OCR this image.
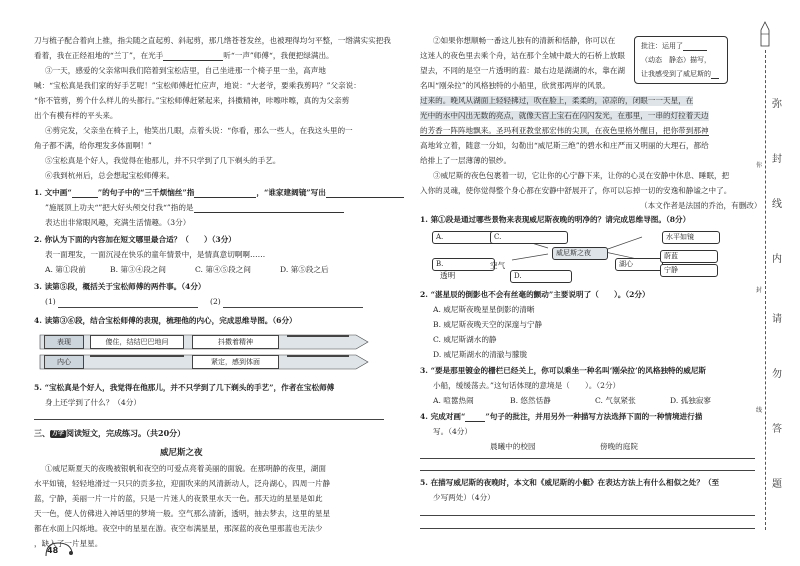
刀与梳子配合着向上推，指尖随之直起剪、斜起剪，那几绺苍苍发丝，也被理得均匀平整，一绺满实实把我
看着，我在正经祖地的“兰丁”，在光手	听“一声”师傅“，我便把绿满出。
③一天，感爱的父亲常叫我们陪着到宝松店里，自己坐进那一个椅子里一坐，高声地
喊：“宝松真是我们家的好手艺呢！”宝松师傅赶忙应声，地说：“大老爷，要乘我剪吗？”父亲说：
“你不管剪，剪个什么样儿的头都行。”宝松师傅赶紧起来，抖擞精神，咔嚓咔嚓，真的为父亲剪
出个有模有样的平头来。
④剪完发，父亲坐在椅子上，他笑出几眼，点着头说：“你看，那么一些人，在我这头里的一
角子都不满，给你理发多体面啊！”
⑤宝松真是个好人，我觉得在他那儿，并不只学到了几下剃头的手艺。
⑥我到杭州后，总会想起宝松师傅来。
1. 文中画“	”的句子中的“三千烦恼丝”指	，“谁家建阔镜”写出
”施展顶上功夫“”把大好头颅交付我“”指的是
表达出非常眼风趣，充满生活情趣。（3分）
2. 你认为下面的内容加在短文哪里最合适？（　　）（3分）
表一面理发，一面沉浸在快乐的童年情景中，是情真意切啊啊……
A. 第①段前	B. 第③④段之间	C. 第④⑤段之间	D. 第⑤段之后
3. 读第⑤段，概括关于宝松师傅的两件事。（4分）
(1)	(2)
4. 读第③⑥段，结合宝松师傅的表现，梳理他的内心，完成思维导图。（6分）
表现	傻住，结结巴巴地问	抖擞着精神
内心	紧定，感到体面
5. “宝松真是个好人，我觉得在他那儿，并不只学到了几下剃头的手艺”，作者在宝松师傅
身上还学到了什么？（4分）
三、 万学 阅读短文，完成练习。（共20分）
威尼斯之夜
①威尼斯夏天的夜晚被银帆和夜空的可爱点亮着美丽的面貌。在那明静的夜里，湖面
水平如镜，轻轻地滑过一只只的贡多拉，迎面吹来的风清新动人，泛舟湖心，四周一片静
蓝，宁静，美丽一片一片的蓝，只是一片迷人的夜景里水天一色。那天边的星星是如此
天一色，使人仿佛进入神话里的梦境一般。空气那么清新，透明，抽去梦去，这里的星星
都在水面上闪烁地。夜空中的星星在游。夜空布满星星，那深蓝的夜色里那蓝也无法少
，缺入了一片星星。
48
②如果你想顺畅一番这儿独有的清新和恬静，你可以在
这迷人的夜色里去乘个舟，站在那个全城中最大的石桥上放眼
望去，不同的是空一片透明的蓝：最右边是湖湖的水，靠在湖
名叫“刚朵拉”的风格独特的小船里，欣赏那两岸的风景。
过来的。晚风从湖面上轻轻拂过，吹在脸上，柔柔的，凉凉的，闭眼一一天星，在
光中的水中闪出无数的亮点，就像天宫上宝石在闪闪发光，在那里，一串的灯拉着天边
的芳香一阵阵地飘来。圣玛利亚教堂那宏伟的尖顶，在夜色里格外醒目，把你带到那神
高地耸立着，随意一分如，勾勒出“威尼斯三绝”的碧水和庄严而又明丽的大理石，都给
给排上了一层薄薄的银纱。
③威尼斯的夜色包裹着一切，它让你的心宁静下来，让你的心灵在安静中休息、睡眠，把
入你的灵魂，使你觉得整个身心都在安静中舒展开了，你可以忘掉一切的安逸和静谧之中了。
（本文作者是法国的乔治，有删改）
批注：运用了
（动态　静态）描写，
让我感受到了威尼斯的
1. 第①段是通过哪些景物来表现威尼斯夜晚的明净的？请完成思维导图。（8分）
A.	C.	水平如镜
威尼斯之夜
B.	空气	湖心
蔚蓝
宁静
透明	D.
2. “湛星辰的倒影也不会有丝毫的颤动”主要说明了（　　）。（2分）
A. 威尼斯夜晚星星倒影的清晰
B. 威尼斯夜晚天空的深邃与宁静
C. 威尼斯湖水的静
D. 威尼斯湖水的清澈与朦胧
3. “要是那里镀金的栅栏已经关上，你可以乘坐一种名叫‘刚朵拉’的风格独特的威尼斯
小船，缓缓荡去。”这句话体现的意境是（　　）。（2分）
A. 喧嚣热闹	B. 悠然恬静	C. 气氛紧张	D. 孤独寂寥
4. 完成对画“	”句子的批注，并用另外一种描写方法选择下面的一种情境进行描
写。（4分）
晨曦中的校园	傍晚的庭院
5. 在描写威尼斯的夜晚时，本文和《威尼斯的小艇》在表达方法上有什么相似之处？（至
少写两处）（4分）
弥
封
线
内
请
勿
答
题
你
封
线
